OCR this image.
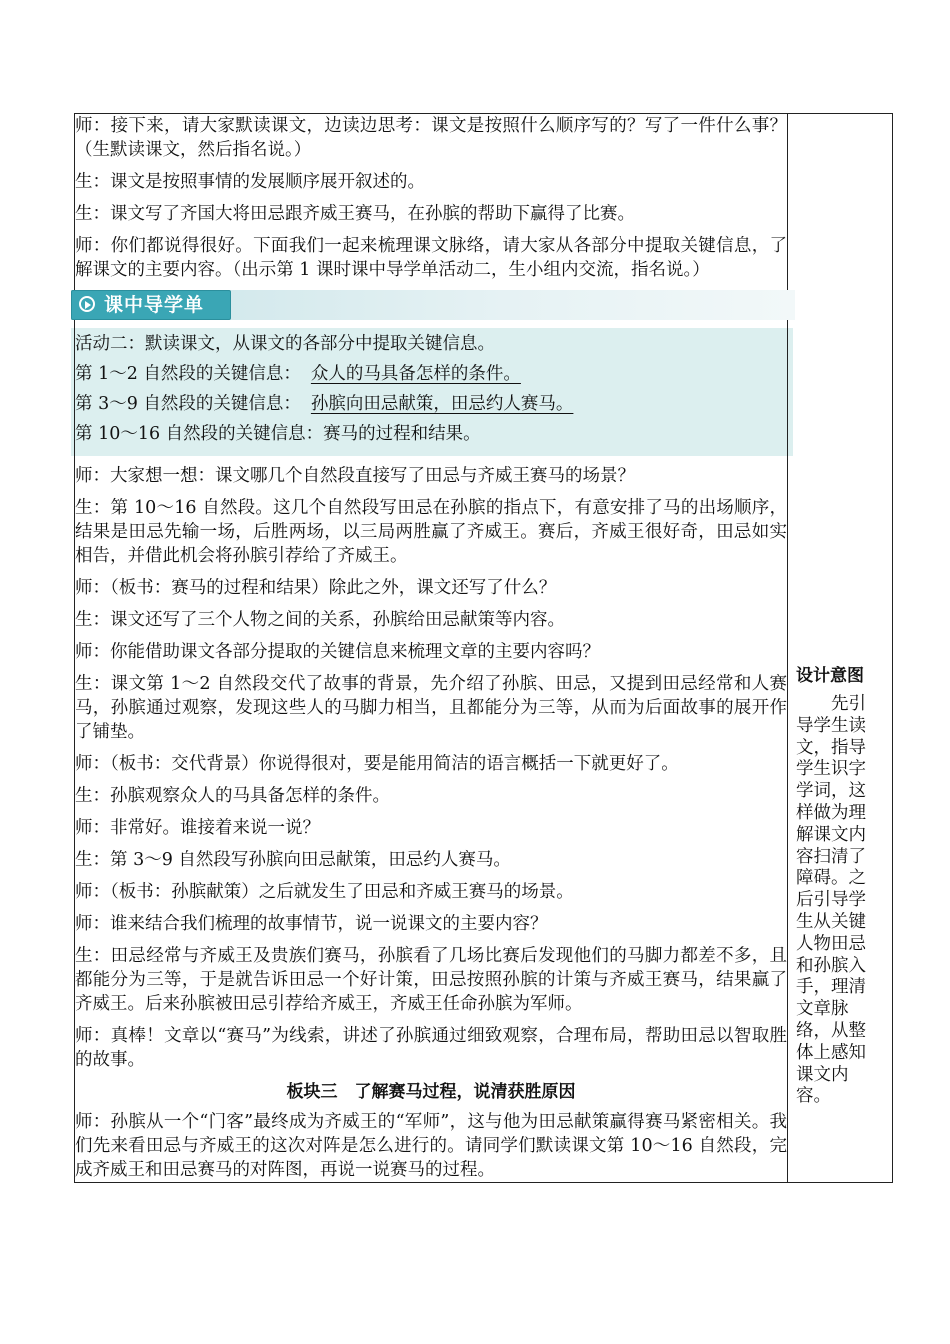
师：接下来，请大家默读课文，边读边思考：课文是按照什么顺序写的？写了一件什么事？（生默读课文，然后指名说。）

生：课文是按照事情的发展顺序展开叙述的。

生：课文写了齐国大将田忌跟齐威王赛马，在孙膑的帮助下赢得了比赛。

师：你们都说得很好。下面我们一起来梳理课文脉络，请大家从各部分中提取关键信息，了解课文的主要内容。（出示第 1 课时课中导学单活动二，生小组内交流，指名说。）

课中导学单

活动二：默读课文，从课文的各部分中提取关键信息。

第 1～2 自然段的关键信息： 众人的马具备怎样的条件。

第 3～9 自然段的关键信息： 孙膑向田忌献策，田忌约人赛马。

第 10～16 自然段的关键信息：赛马的过程和结果。

师：大家想一想：课文哪几个自然段直接写了田忌与齐威王赛马的场景？

生：第 10～16 自然段。这几个自然段写田忌在孙膑的指点下，有意安排了马的出场顺序，结果是田忌先输一场，后胜两场，以三局两胜赢了齐威王。赛后，齐威王很好奇，田忌如实相告，并借此机会将孙膑引荐给了齐威王。

师：（板书：赛马的过程和结果）除此之外，课文还写了什么？

生：课文还写了三个人物之间的关系，孙膑给田忌献策等内容。

师：你能借助课文各部分提取的关键信息来梳理文章的主要内容吗？

生：课文第 1～2 自然段交代了故事的背景，先介绍了孙膑、田忌，又提到田忌经常和人赛马，孙膑通过观察，发现这些人的马脚力相当，且都能分为三等，从而为后面故事的展开作了铺垫。

师：（板书：交代背景）你说得很对，要是能用简洁的语言概括一下就更好了。

生：孙膑观察众人的马具备怎样的条件。

师：非常好。谁接着来说一说？

生：第 3～9 自然段写孙膑向田忌献策，田忌约人赛马。

师：（板书：孙膑献策）之后就发生了田忌和齐威王赛马的场景。

师：谁来结合我们梳理的故事情节，说一说课文的主要内容？

生：田忌经常与齐威王及贵族们赛马，孙膑看了几场比赛后发现他们的马脚力都差不多，且都能分为三等，于是就告诉田忌一个好计策，田忌按照孙膑的计策与齐威王赛马，结果赢了齐威王。后来孙膑被田忌引荐给齐威王，齐威王任命孙膑为军师。

师：真棒！文章以“赛马”为线索，讲述了孙膑通过细致观察，合理布局，帮助田忌以智取胜的故事。

板块三　了解赛马过程，说清获胜原因

师：孙膑从一个“门客”最终成为齐威王的“军师”，这与他为田忌献策赢得赛马紧密相关。我们先来看田忌与齐威王的这次对阵是怎么进行的。请同学们默读课文第 10～16 自然段，完成齐威王和田忌赛马的对阵图，再说一说赛马的过程。

设计意图
先引导学生读文，指导学生识字学词，这样做为理解课文内容扫清了障碍。之后引导学生从关键人物田忌和孙膑入手，理清文章脉络，从整体上感知课文内容。
